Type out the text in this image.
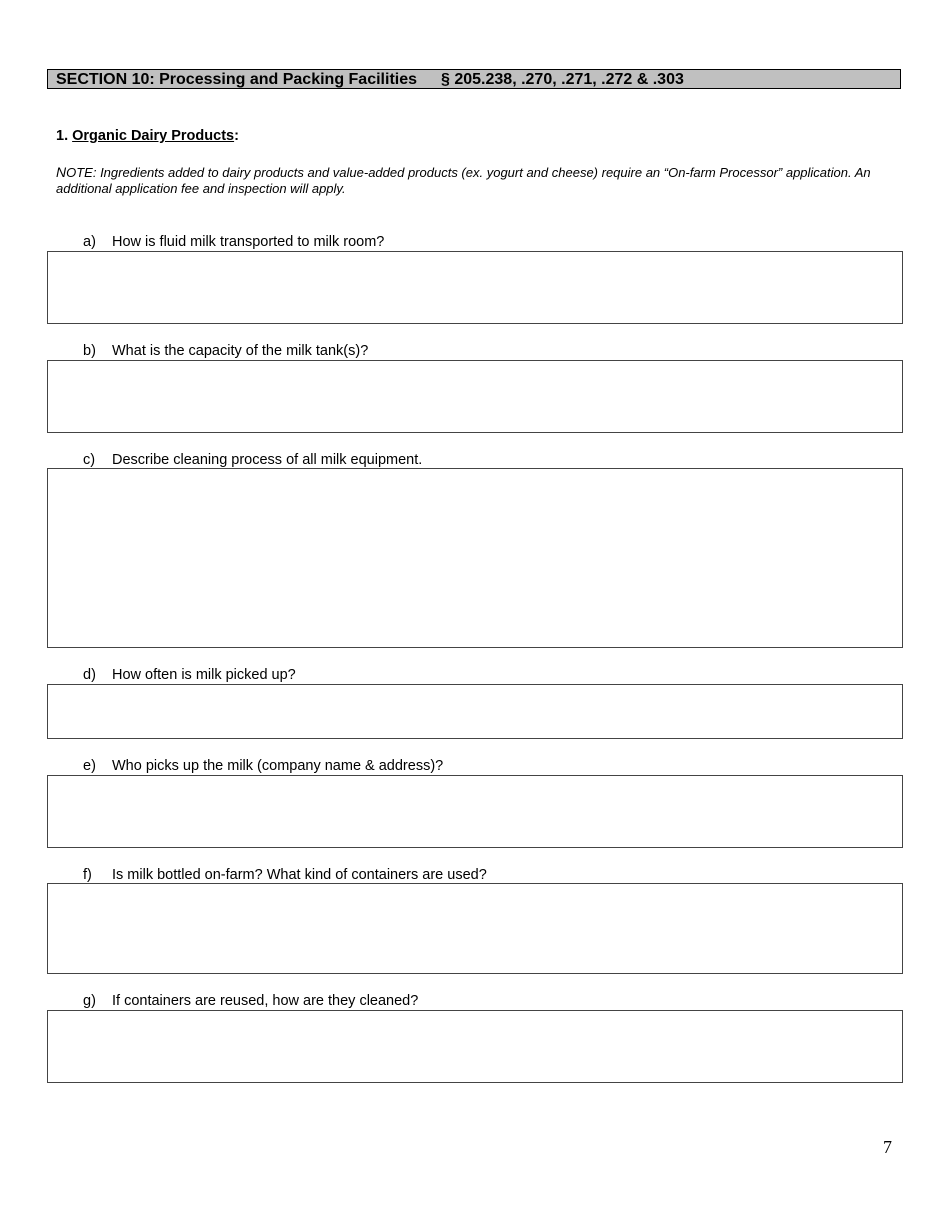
SECTION 10: Processing and Packing Facilities § 205.238, .270, .271, .272 & .303
1. Organic Dairy Products:
NOTE: Ingredients added to dairy products and value-added products (ex. yogurt and cheese) require an “On-farm Processor” application. An additional application fee and inspection will apply.
a) How is fluid milk transported to milk room?
b) What is the capacity of the milk tank(s)?
c) Describe cleaning process of all milk equipment.
d) How often is milk picked up?
e) Who picks up the milk (company name & address)?
f) Is milk bottled on-farm? What kind of containers are used?
g) If containers are reused, how are they cleaned?
7
